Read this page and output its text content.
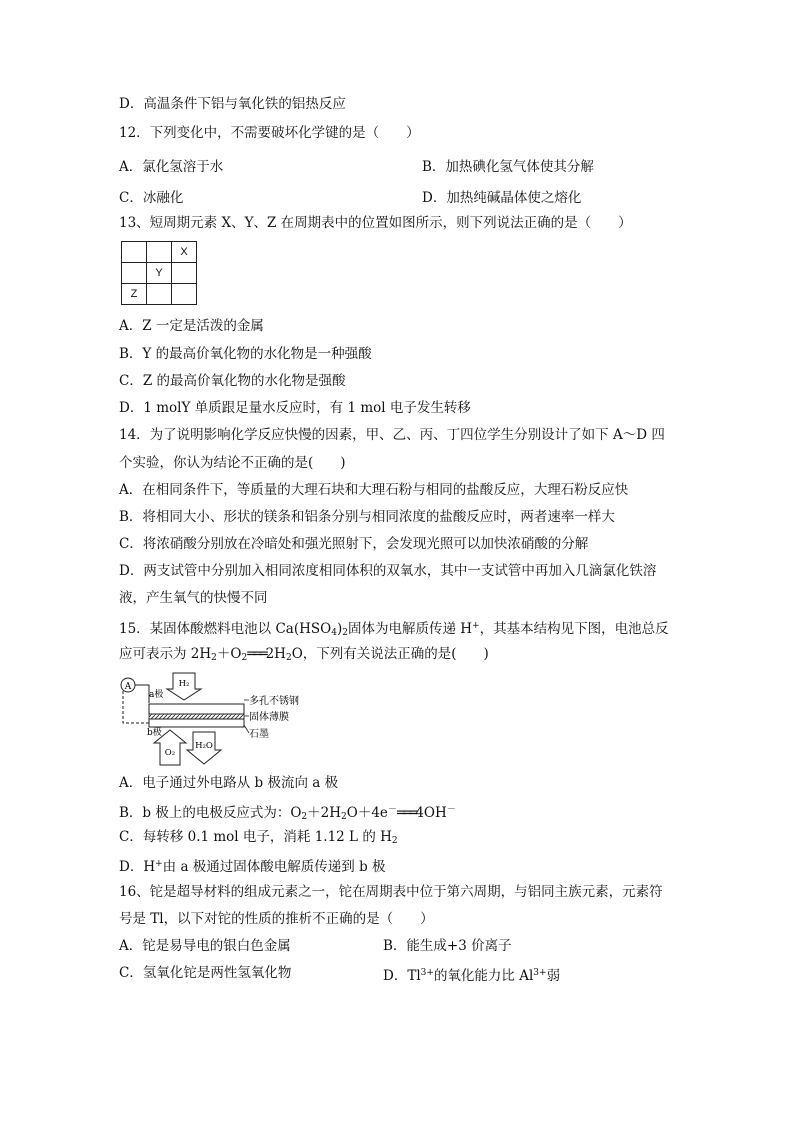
D．高温条件下铝与氧化铁的铝热反应
12．下列变化中，不需要破坏化学键的是（　　）
A．氯化氢溶于水	B．加热碘化氢气体使其分解
C．冰融化	D．加热纯碱晶体使之熔化
13、短周期元素 X、Y、Z 在周期表中的位置如图所示，则下列说法正确的是（　　）
		X
	Y	
Z		
A．Z 一定是活泼的金属
B．Y 的最高价氧化物的水化物是一种强酸
C．Z 的最高价氧化物的水化物是强酸
D．1 molY 单质跟足量水反应时，有 1 mol 电子发生转移
14．为了说明影响化学反应快慢的因素，甲、乙、丙、丁四位学生分别设计了如下 A～D 四
个实验，你认为结论不正确的是(　　)
A．在相同条件下，等质量的大理石块和大理石粉与相同的盐酸反应，大理石粉反应快
B．将相同大小、形状的镁条和铝条分别与相同浓度的盐酸反应时，两者速率一样大
C．将浓硝酸分别放在冷暗处和强光照射下，会发现光照可以加快浓硝酸的分解
D．两支试管中分别加入相同浓度相同体积的双氧水，其中一支试管中再加入几滴氯化铁溶
液，产生氧气的快慢不同
15．某固体酸燃料电池以 $Ca(HSO_4)_2$固体为电解质传递 H+，其基本结构见下图，电池总反
应可表示为 $2H_2+O_2═══2H_2O$，下列有关说法正确的是(　　)
A	H₂
a极
b极
多孔不锈钢
固体薄膜
石墨
O₂
H₂O
A．电子通过外电路从 b 极流向 a 极
B．b 极上的电极反应式为：$O_2+2H_2O+4e^-═══4OH^-$
C．每转移 0.1 mol 电子，消耗 1.12 L 的 $H_2$
D．H+由 a 极通过固体酸电解质传递到 b 极
16、铊是超导材料的组成元素之一，铊在周期表中位于第六周期，与铝同主族元素，元素符
号是 Tl，以下对铊的性质的推析不正确的是（　　）
A．铊是易导电的银白色金属	B．能生成+3 价离子
C．氢氧化铊是两性氢氧化物	D．$Tl^{3+}$的氧化能力比 $Al^{3+}$弱
